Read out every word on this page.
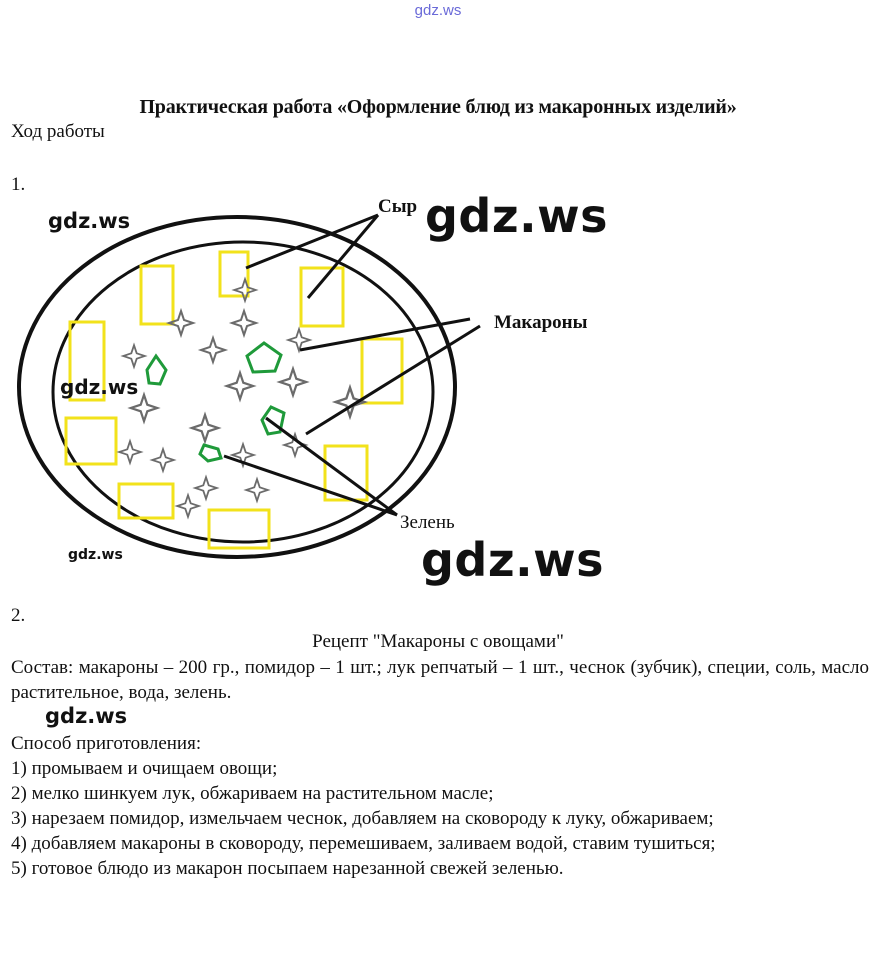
gdz.ws
Практическая работа «Оформление блюд из макаронных изделий»
Ход работы
1.
Сыр
Макароны
Зелень
gdz.ws	gdz.ws
gdz.ws
gdz.ws	gdz.ws
2.
Рецепт "Макароны с овощами"
Состав: макароны – 200 гр., помидор – 1 шт.; лук репчатый – 1 шт., чеснок (зубчик), специи, соль, масло растительное, вода, зелень.
gdz.ws
Способ приготовления:
1) промываем и очищаем овощи;
2) мелко шинкуем лук, обжариваем на растительном масле;
3) нарезаем помидор, измельчаем чеснок, добавляем на сковороду к луку, обжариваем;
4) добавляем макароны в сковороду, перемешиваем, заливаем водой, ставим тушиться;
5) готовое блюдо из макарон посыпаем нарезанной свежей зеленью.
